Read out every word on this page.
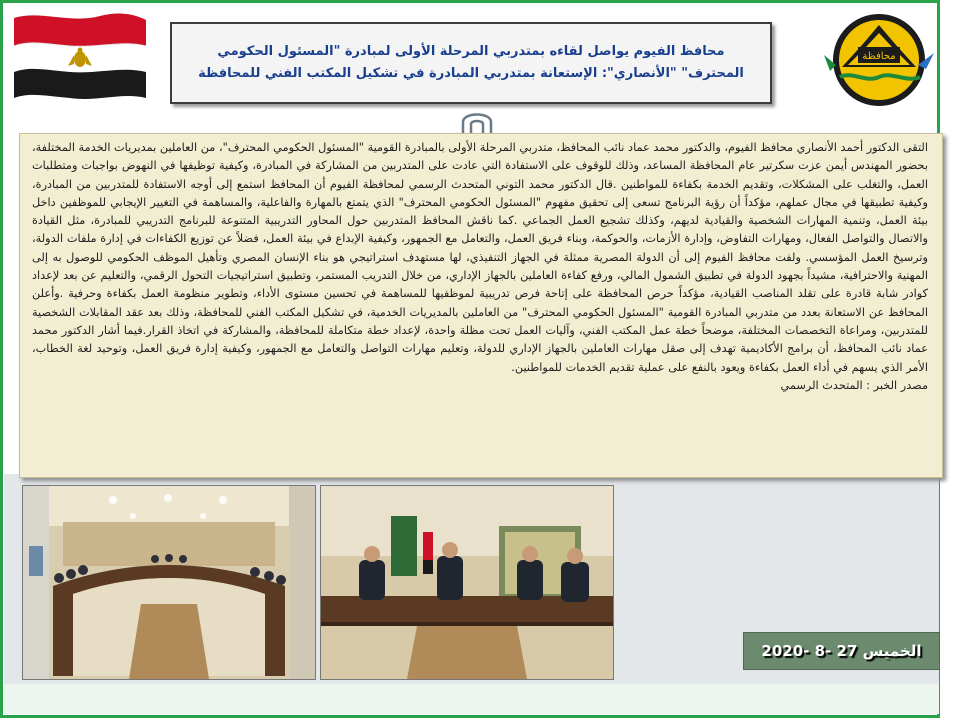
محافظة
محافظ الفيوم يواصل لقاءه بمتدربي المرحلة الأولى لمبادرة "المسئول الحكومي المحترف" "الأنصاري": الإستعانة بمتدربي المبادرة في تشكيل المكتب الفني للمحافظة

التقى الدكتور أحمد الأنصاري محافظ الفيوم، والدكتور محمد عماد نائب المحافظ، متدربي المرحلة الأولى بالمبادرة القومية "المسئول الحكومي المحترف"، من العاملين بمديريات الخدمة المختلفة، بحضور المهندس أيمن عزت سكرتير عام المحافظة المساعد، وذلك للوقوف على الاستفادة التي عادت على المتدربين من المشاركة في المبادرة، وكيفية توظيفها في النهوض بواجبات ومتطلبات العمل، والتغلب على المشكلات، وتقديم الخدمة بكفاءة للمواطنين .قال الدكتور محمد التوني المتحدث الرسمي لمحافظة الفيوم أن المحافظ استمع إلى أوجه الاستفادة للمتدربين من المبادرة، وكيفية تطبيقها في مجال عملهم، مؤكداً أن رؤية البرنامج تسعى إلى تحقيق مفهوم "المسئول الحكومي المحترف" الذي يتمتع بالمهارة والفاعلية، والمساهمة في التغيير الإيجابي للموظفين داخل بيئة العمل، وتنمية المهارات الشخصية والقيادية لديهم، وكذلك تشجيع العمل الجماعي .كما ناقش المحافظ المتدربين حول المحاور التدريبية المتنوعة للبرنامج التدريبي للمبادرة، مثل القيادة والاتصال والتواصل الفعال، ومهارات التفاوض، وإدارة الأزمات، والحوكمة، وبناء فريق العمل، والتعامل مع الجمهور، وكيفية الإبداع في بيئة العمل، فضلاً عن توزيع الكفاءات في إدارة ملفات الدولة، وترسيخ العمل المؤسسي. ولفت محافظ الفيوم إلى أن الدولة المصرية ممثلة في الجهاز التنفيذي، لها مستهدف استراتيجي هو بناء الإنسان المصري وتأهيل الموظف الحكومي للوصول به إلى المهنية والاحترافية، مشيداً بجهود الدولة في تطبيق الشمول المالي، ورفع كفاءة العاملين بالجهاز الإداري، من خلال التدريب المستمر، وتطبيق استراتيجيات التحول الرقمي، والتعليم عن بعد لإعداد كوادر شابة قادرة على تقلد المناصب القيادية، مؤكداً حرص المحافظة على إتاحة فرص تدريبية لموظفيها للمساهمة في تحسين مستوى الأداء، وتطوير منظومة العمل بكفاءة وحرفية .وأعلن المحافظ عن الاستعانة بعدد من متدربي المبادرة القومية "المسئول الحكومي المحترف" من العاملين بالمديريات الخدمية، في تشكيل المكتب الفني للمحافظة، وذلك بعد عقد المقابلات الشخصية للمتدربين، ومراعاة التخصصات المختلفة، موضحاً خطة عمل المكتب الفني، وآليات العمل تحت مظلة واحدة، لإعداد خطة متكاملة للمحافظة، والمشاركة في اتخاذ القرار.فيما أشار الدكتور محمد عماد نائب المحافظ، أن برامج الأكاديمية تهدف إلى صقل مهارات العاملين بالجهاز الإداري للدولة، وتعليم مهارات التواصل والتعامل مع الجمهور، وكيفية إدارة فريق العمل، وتوحيد لغة الخطاب، الأمر الذي يسهم في أداء العمل بكفاءة ويعود بالنفع على عملية تقديم الخدمات للمواطنين.

مصدر الخبر : المتحدث الرسمي

الخميس 27 -8 -2020
